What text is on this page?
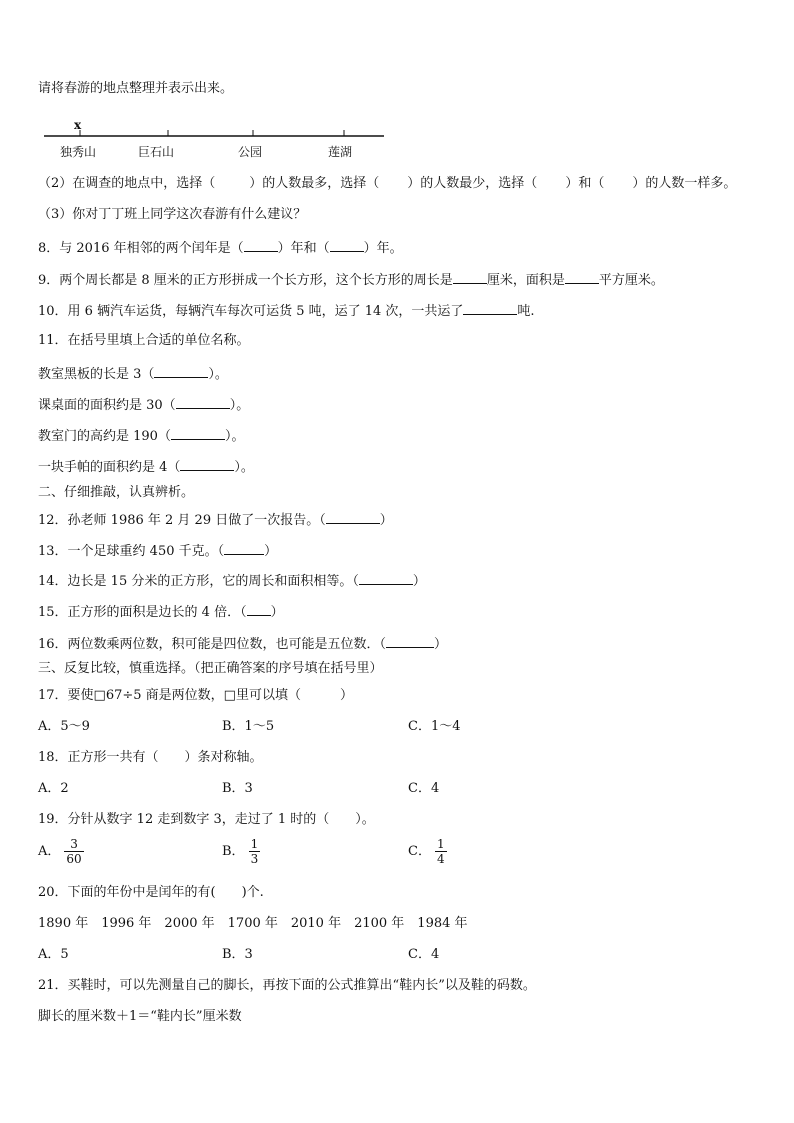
请将春游的地点整理并表示出来。
x
独秀山	巨石山	公园	莲湖
（2）在调查的地点中，选择（	）的人数最多，选择（ ）的人数最少，选择（ ）和（ ）的人数一样多。
（3）你对丁丁班上同学这次春游有什么建议？
8．与 2016 年相邻的两个闰年是（	）年和（	）年。
9．两个周长都是 8 厘米的正方形拼成一个长方形，这个长方形的周长是	厘米，面积是	平方厘米。
10．用 6 辆汽车运货，每辆汽车每次可运货 5 吨，运了 14 次，一共运了	吨.
11．在括号里填上合适的单位名称。
教室黑板的长是 3（	）。
课桌面的面积约是 30（	）。
教室门的高约是 190（	）。
一块手帕的面积约是 4（	）。
二、仔细推敲，认真辨析。
12．孙老师 1986 年 2 月 29 日做了一次报告。（	）
13．一个足球重约 450 千克。（	）
14．边长是 15 分米的正方形，它的周长和面积相等。（	）
15．正方形的面积是边长的 4 倍．（ ）
16．两位数乘两位数，积可能是四位数，也可能是五位数．（	）
三、反复比较，慎重选择。（把正确答案的序号填在括号里）
17．要使□67÷5 商是两位数，□里可以填（　　　）
A．5～9	B．1～5	C．1～4
18．正方形一共有（　　）条对称轴。
A．2	B．3	C．4
19．分针从数字 12 走到数字 3，走过了 1 时的（　　）。
A． $\frac{3}{60}$	B． $\frac{1}{3}$	C． $\frac{1}{4}$
20．下面的年份中是闰年的有(　　)个.
1890 年　1996 年　2000 年　1700 年　2010 年　2100 年　1984 年
A．5	B．3	C．4
21．买鞋时，可以先测量自己的脚长，再按下面的公式推算出“鞋内长”以及鞋的码数。
脚长的厘米数＋1＝“鞋内长”厘米数
